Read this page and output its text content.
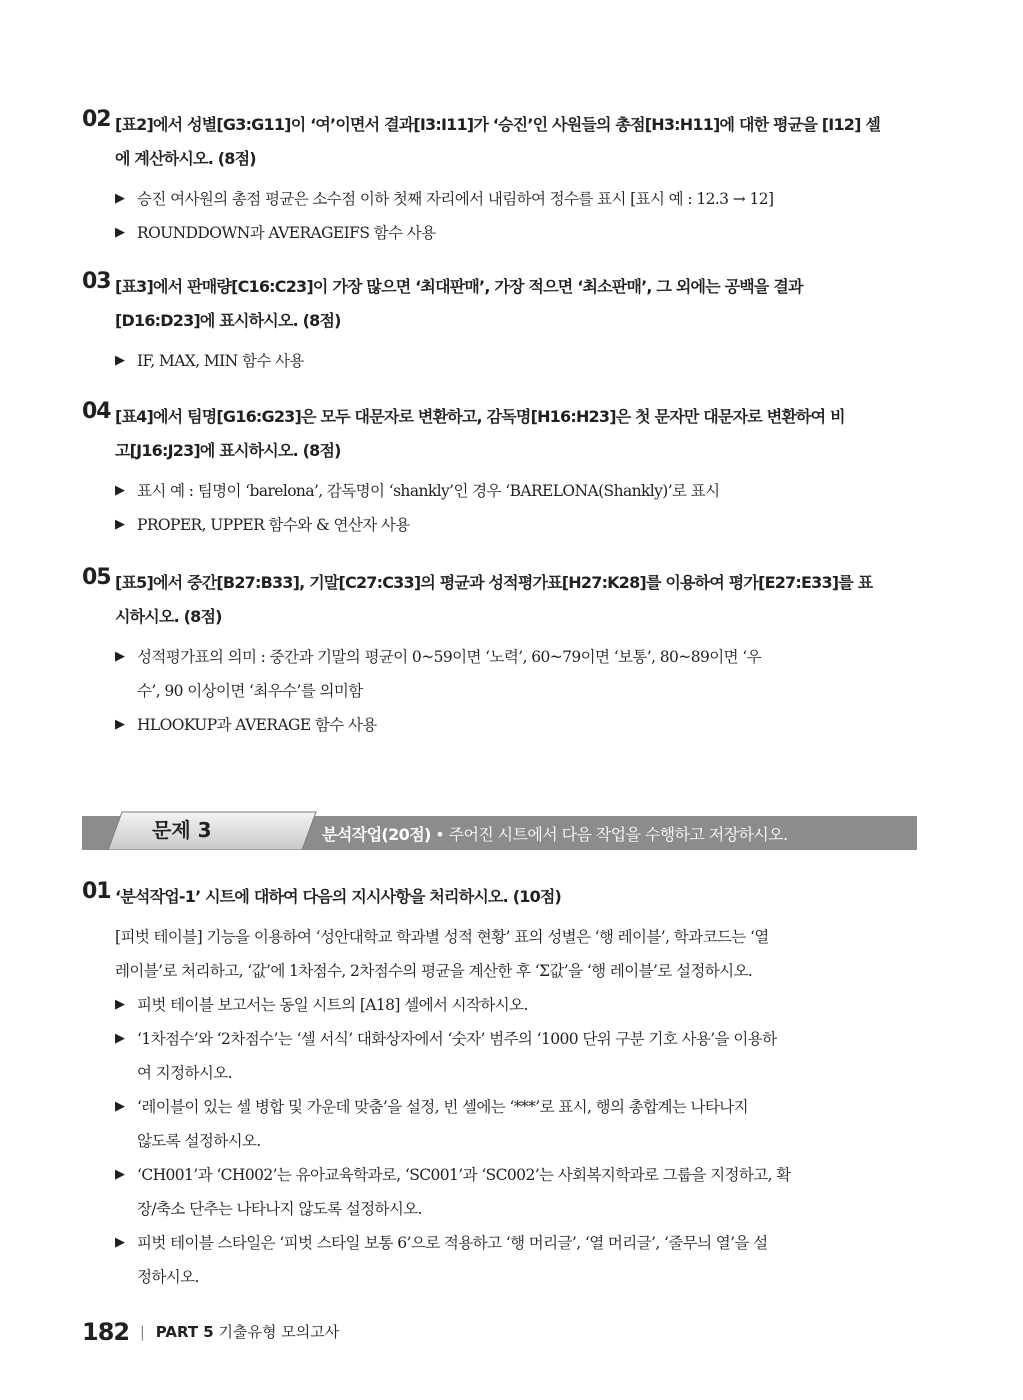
02 [표2]에서 성별[G3:G11]이 ‘여’이면서 결과[I3:I11]가 ‘승진’인 사원들의 총점[H3:H11]에 대한 평균을 [I12] 셀
에 계산하시오. (8점)
▶ 승진 여사원의 총점 평균은 소수점 이하 첫째 자리에서 내림하여 정수를 표시 [표시 예 : 12.3 → 12]
▶ ROUNDDOWN과 AVERAGEIFS 함수 사용
03 [표3]에서 판매량[C16:C23]이 가장 많으면 ‘최대판매’, 가장 적으면 ‘최소판매’, 그 외에는 공백을 결과
[D16:D23]에 표시하시오. (8점)
▶ IF, MAX, MIN 함수 사용
04 [표4]에서 팀명[G16:G23]은 모두 대문자로 변환하고, 감독명[H16:H23]은 첫 문자만 대문자로 변환하여 비
고[J16:J23]에 표시하시오. (8점)
▶ 표시 예 : 팀명이 ‘barelona’, 감독명이 ‘shankly’인 경우 ‘BARELONA(Shankly)’로 표시
▶ PROPER, UPPER 함수와 & 연산자 사용
05 [표5]에서 중간[B27:B33], 기말[C27:C33]의 평균과 성적평가표[H27:K28]를 이용하여 평가[E27:E33]를 표
시하시오. (8점)
▶ 성적평가표의 의미 : 중간과 기말의 평균이 0~59이면 ‘노력’, 60~79이면 ‘보통’, 80~89이면 ‘우
수’, 90 이상이면 ‘최우수’를 의미함
▶ HLOOKUP과 AVERAGE 함수 사용
문제 3	분석작업(20점) • 주어진 시트에서 다음 작업을 수행하고 저장하시오.
01 ‘분석작업-1’ 시트에 대하여 다음의 지시사항을 처리하시오. (10점)
[피벗 테이블] 기능을 이용하여 ‘성안대학교 학과별 성적 현황’ 표의 성별은 ‘행 레이블’, 학과코드는 ‘열
레이블’로 처리하고, ‘값’에 1차점수, 2차점수의 평균을 계산한 후 ‘Σ값’을 ‘행 레이블’로 설정하시오.
▶ 피벗 테이블 보고서는 동일 시트의 [A18] 셀에서 시작하시오.
▶ ‘1차점수’와 ‘2차점수’는 ‘셀 서식’ 대화상자에서 ‘숫자’ 범주의 ‘1000 단위 구분 기호 사용’을 이용하
여 지정하시오.
▶ ‘레이블이 있는 셀 병합 및 가운데 맞춤’을 설정, 빈 셀에는 ‘***’로 표시, 행의 총합계는 나타나지
않도록 설정하시오.
▶ ‘CH001’과 ‘CH002’는 유아교육학과로, ‘SC001’과 ‘SC002’는 사회복지학과로 그룹을 지정하고, 확
장/축소 단추는 나타나지 않도록 설정하시오.
▶ 피벗 테이블 스타일은 ‘피벗 스타일 보통 6’으로 적용하고 ‘행 머리글’, ‘열 머리글’, ‘줄무늬 열’을 설
정하시오.
182 | PART 5 기출유형 모의고사
